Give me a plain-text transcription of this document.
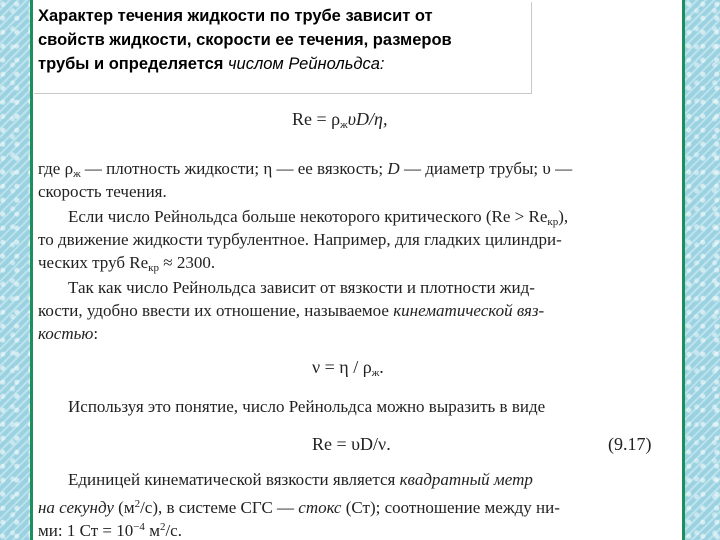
Характер течения жидкости по трубе зависит от
свойств жидкости, скорости ее течения, размеров
трубы и определяется числом Рейнольдса:
$Re = \rho_ж\upsilon D/\eta$,
где $\rho_ж$ — плотность жидкости; η — ее вязкость; D — диаметр трубы; υ —
скорость течения.
Если число Рейнольдса больше некоторого критического $(Re > Re_{кр})$,
то движение жидкости турбулентное. Например, для гладких цилиндри-
ческих труб $Re_{кр} \approx 2300$.
Так как число Рейнольдса зависит от вязкости и плотности жид-
кости, удобно ввести их отношение, называемое кинематической вяз-
костью:
$\nu = \eta / \rho_ж$.
Используя это понятие, число Рейнольдса можно выразить в виде
Re = υD/ν.	(9.17)
Единицей кинематической вязкости является квадратный метр
на секунду $(м^2/с)$, в системе СГС — стокс (Ст); соотношение между ни-
ми: 1 Ст = $10^{-4}$ $м^2/с$.
